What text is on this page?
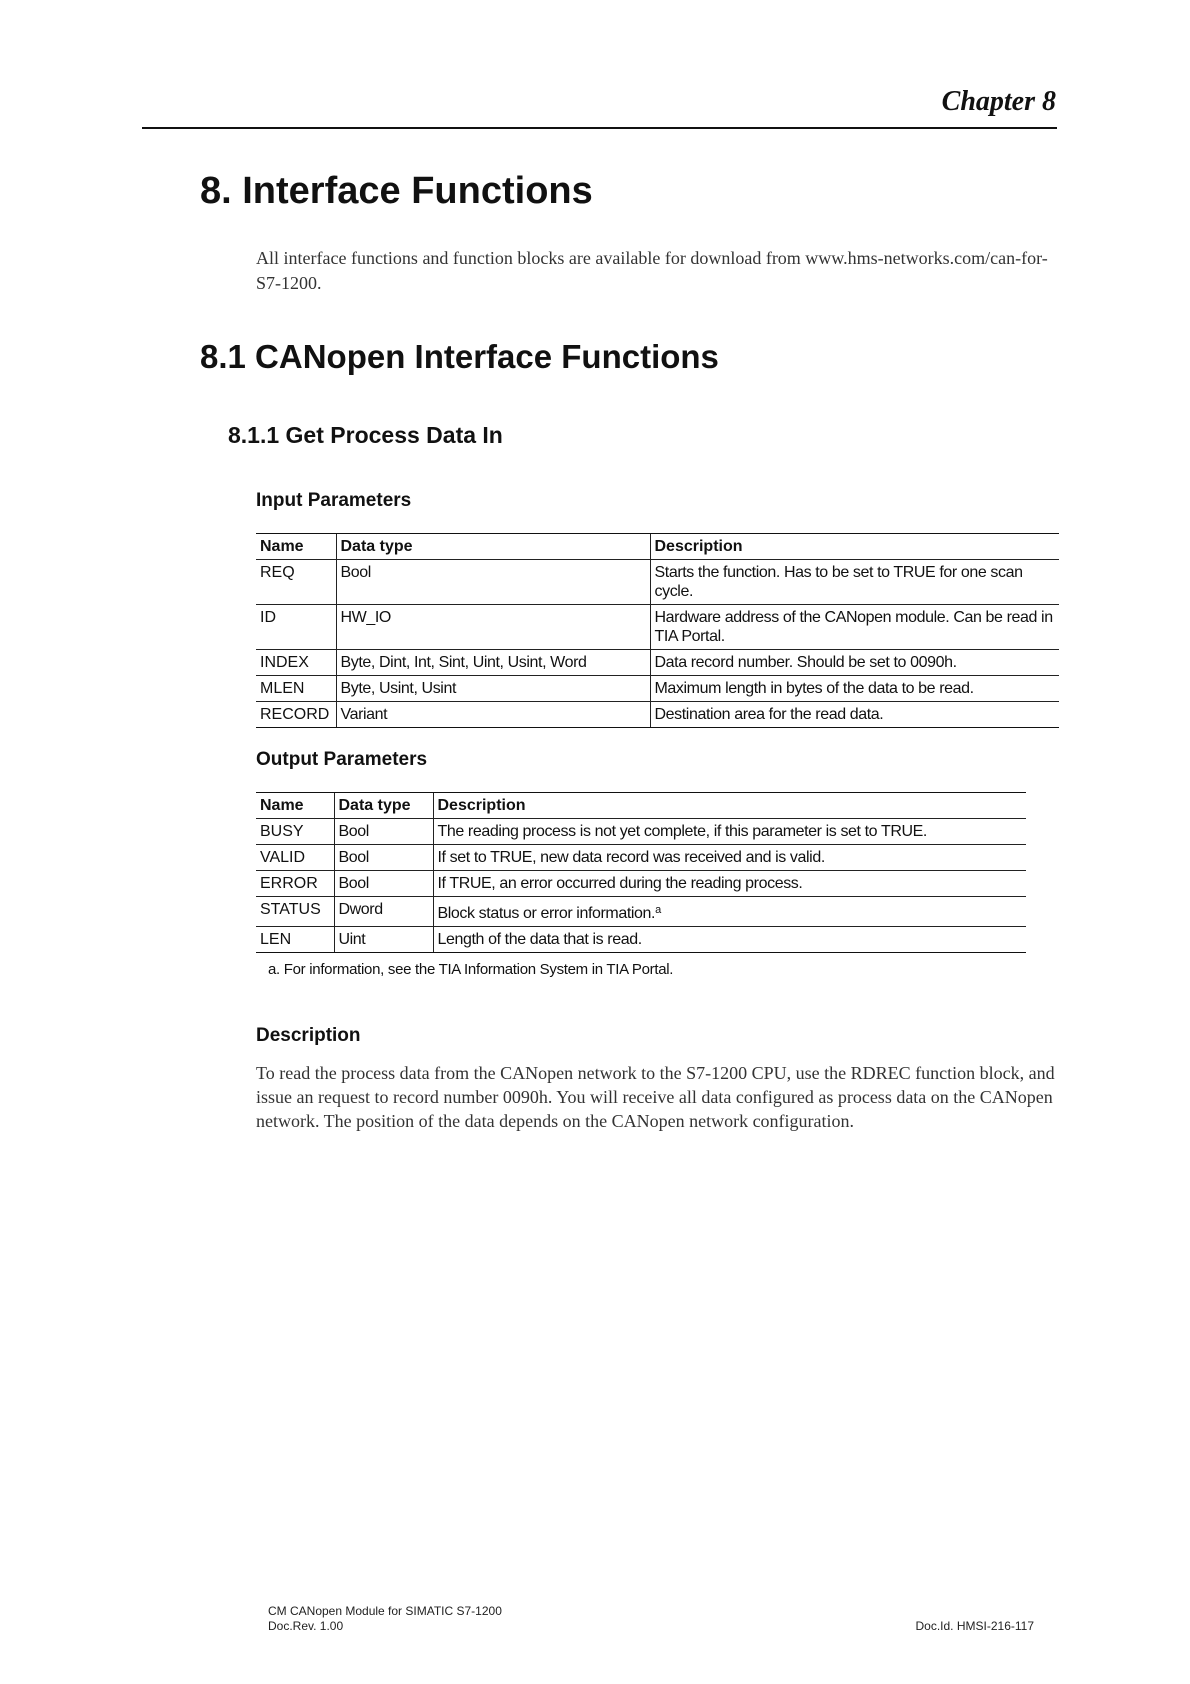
Chapter 8
8. Interface Functions

All interface functions and function blocks are available for download from www.hms-networks.com/can-for-S7-1200.

8.1 CANopen Interface Functions
8.1.1 Get Process Data In
Input Parameters
Name	Data type	Description
REQ	Bool	Starts the function. Has to be set to TRUE for one scan cycle.
ID	HW_IO	Hardware address of the CANopen module. Can be read in TIA Portal.
INDEX	Byte, Dint, Int, Sint, Uint, Usint, Word	Data record number. Should be set to 0090h.
MLEN	Byte, Usint, Usint	Maximum length in bytes of the data to be read.
RECORD	Variant	Destination area for the read data.
Output Parameters
Name	Data type	Description
BUSY	Bool	The reading process is not yet complete, if this parameter is set to TRUE.
VALID	Bool	If set to TRUE, new data record was received and is valid.
ERROR	Bool	If TRUE, an error occurred during the reading process.
STATUS	Dword	Block status or error information.$^a$
LEN	Uint	Length of the data that is read.
a. For information, see the TIA Information System in TIA Portal.
Description

To read the process data from the CANopen network to the S7-1200 CPU, use the RDREC function block, and issue an request to record number 0090h. You will receive all data configured as process data on the CANopen network. The position of the data depends on the CANopen network configuration.

CM CANopen Module for SIMATIC S7-1200
Doc.Rev. 1.00	Doc.Id. HMSI-216-117
